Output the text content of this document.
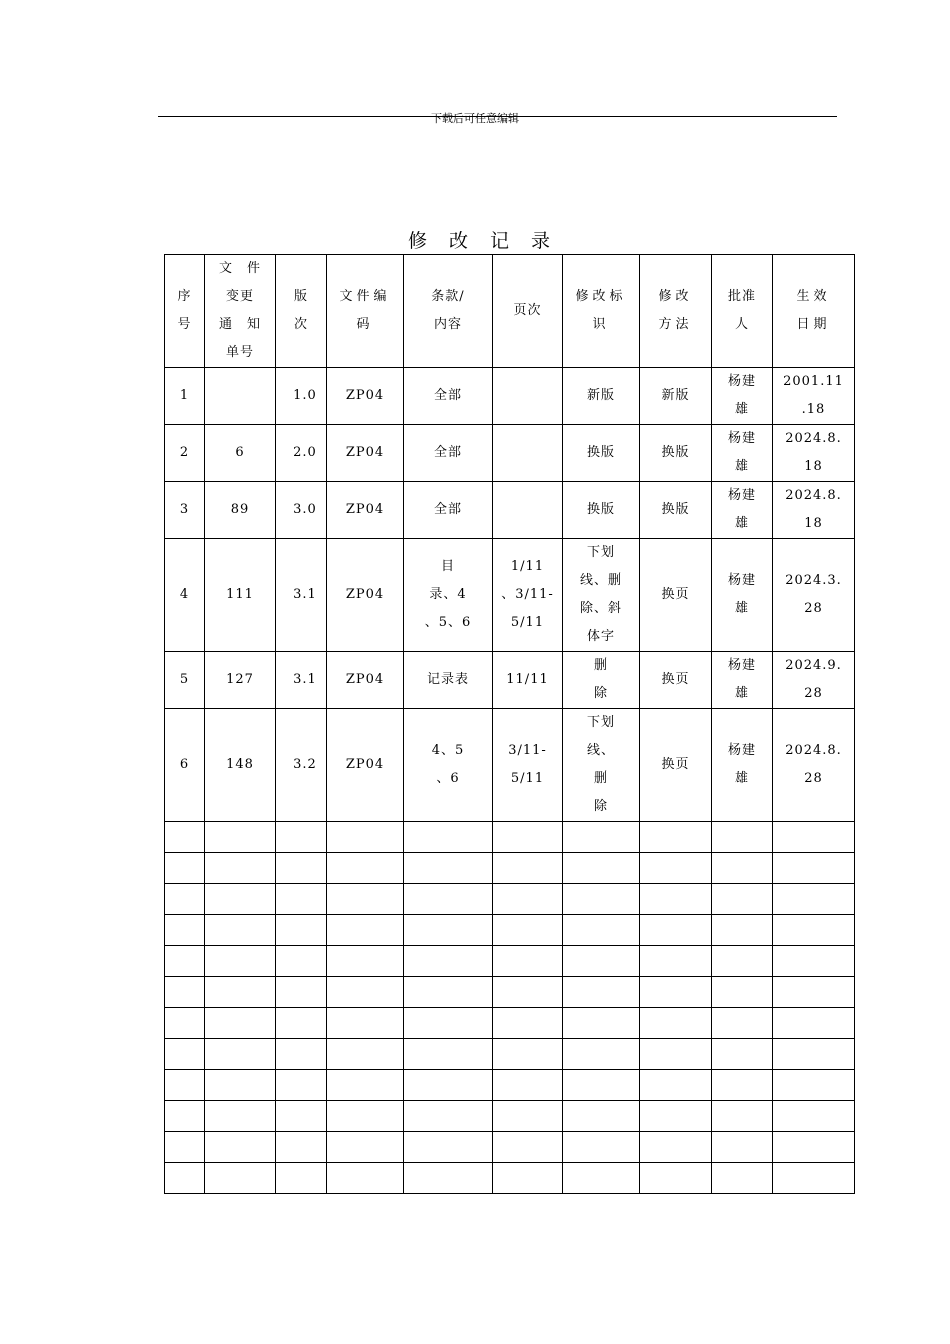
下载后可任意编辑
修改记录
序
号	文　件
变更
通　知
单号	版
次	文件编
码	条款/
内容	页次	修改标
识	修改
方法	批准
人	生效
日期
1		1.0	ZP04	全部		新版	新版	杨建
雄	2001.11
.18
2	6	2.0	ZP04	全部		换版	换版	杨建
雄	2024.8.
18
3	89	3.0	ZP04	全部		换版	换版	杨建
雄	2024.8.
18
4	111	3.1	ZP04	目
录、4
、5、6	1/11
、3/11-
5/11	下划
线、删
除、斜
体字	换页	杨建
雄	2024.3.
28
5	127	3.1	ZP04	记录表	11/11	删
除	换页	杨建
雄	2024.9.
28
6	148	3.2	ZP04	4、5
、6	3/11-
5/11	下划
线、
删
除	换页	杨建
雄	2024.8.
28
